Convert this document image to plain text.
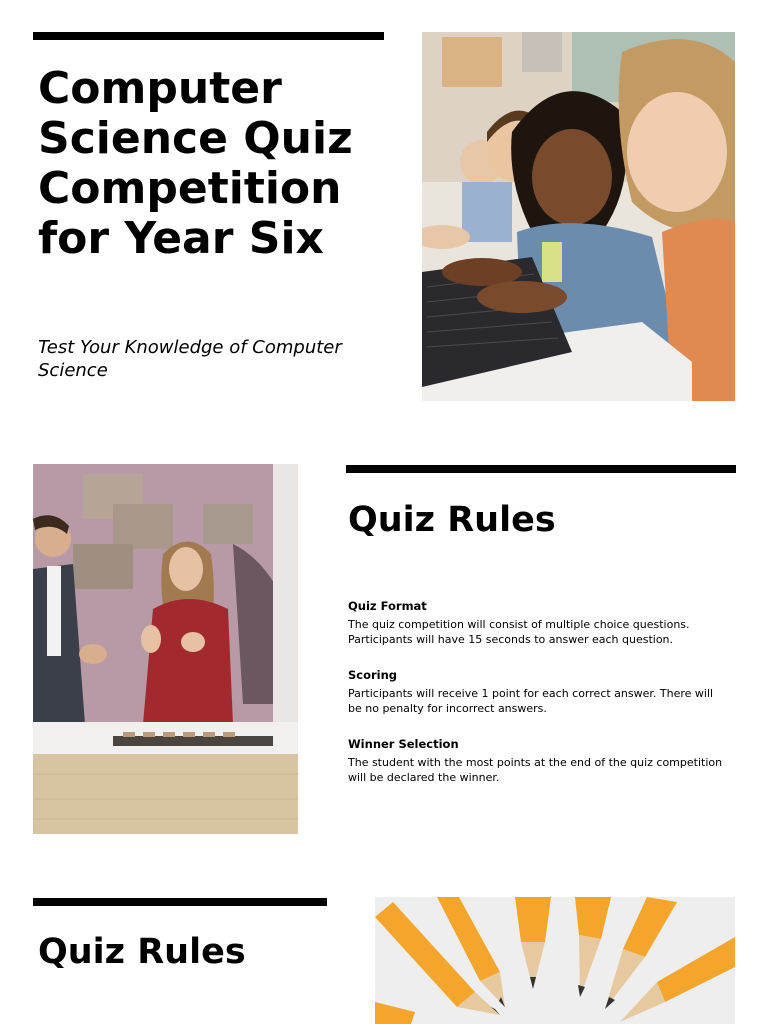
Computer Science Quiz Competition for Year Six

Test Your Knowledge of Computer Science

Quiz Rules

Quiz Format

The quiz competition will consist of multiple choice questions. Participants will have 15 seconds to answer each question.

Scoring

Participants will receive 1 point for each correct answer. There will be no penalty for incorrect answers.

Winner Selection

The student with the most points at the end of the quiz competition will be declared the winner.

Quiz Rules
